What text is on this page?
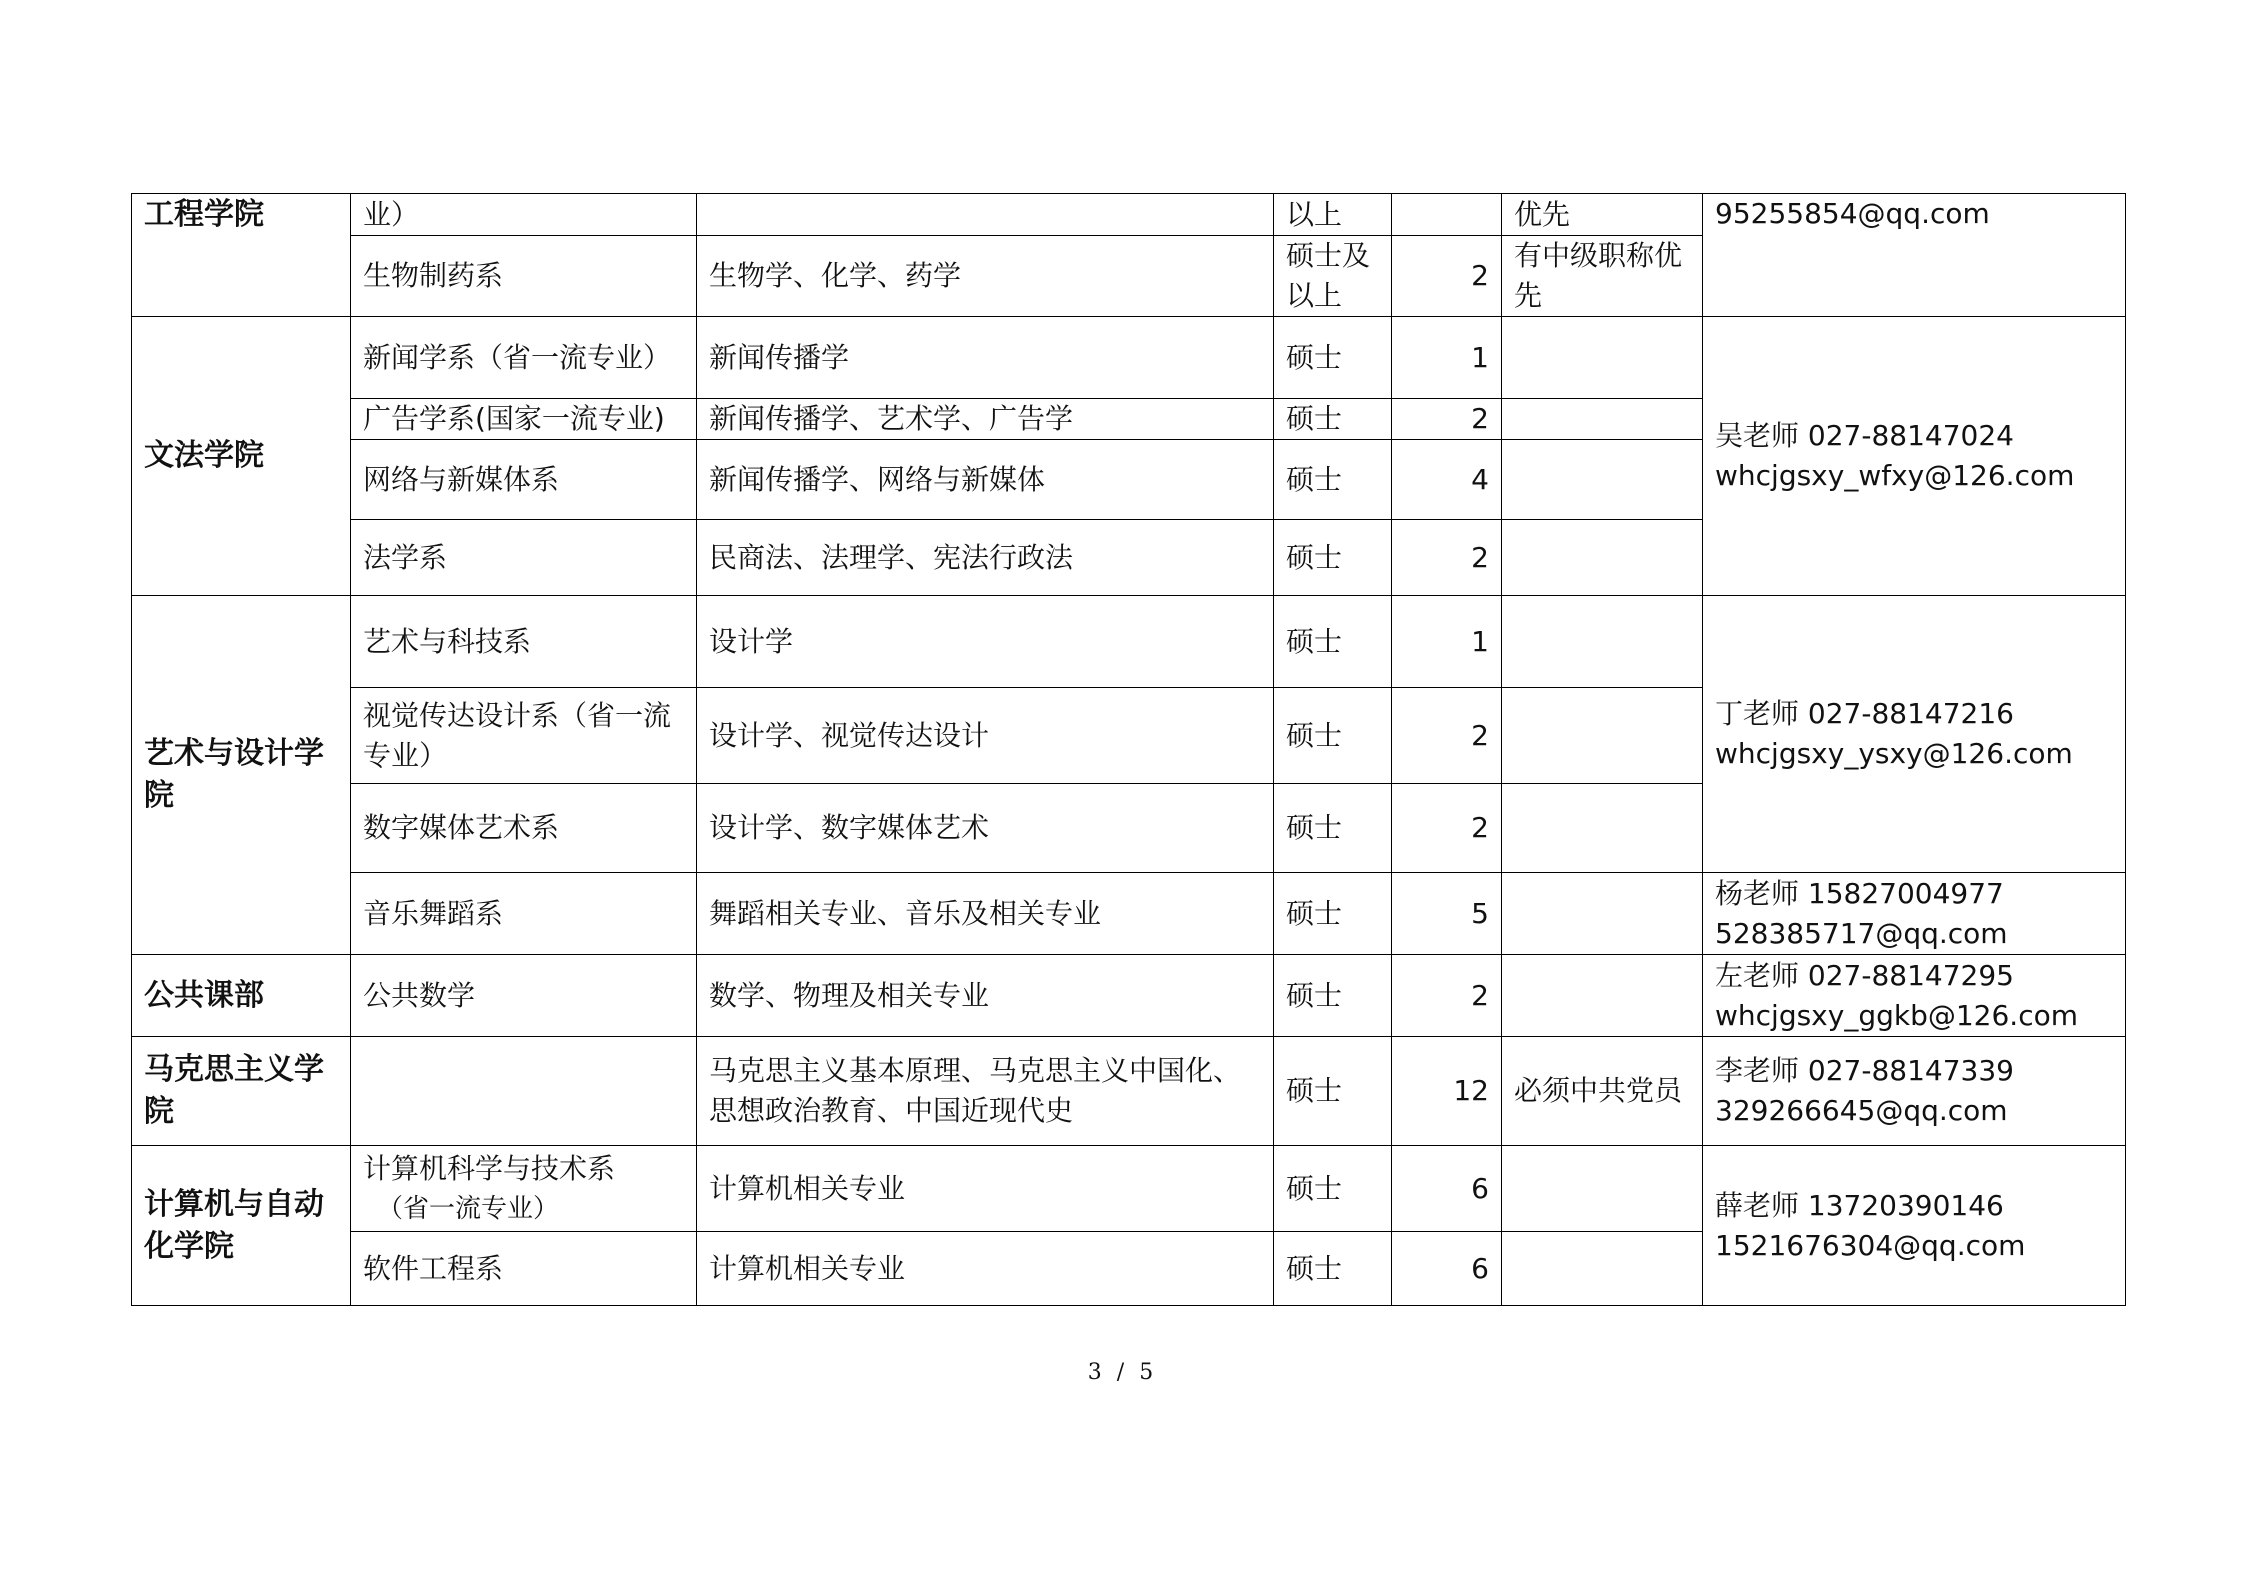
工程学院	业）		以上		优先	95255854@qq.com

	生物制药系	生物学、化学、药学	硕士及以上	2	有中级职称优先	
文法学院	新闻学系（省一流专业）	新闻传播学	硕士	1		吴老师 027-88147024
whcjgsxy_wfxy@126.com

	广告学系(国家一流专业)	新闻传播学、艺术学、广告学	硕士	2		
	网络与新媒体系	新闻传播学、网络与新媒体	硕士	4		
	法学系	民商法、法理学、宪法行政法	硕士	2		
艺术与设计学院	艺术与科技系	设计学	硕士	1		丁老师 027-88147216
whcjgsxy_ysxy@126.com

	视觉传达设计系（省一流专业）	设计学、视觉传达设计	硕士	2		
	数字媒体艺术系	设计学、数字媒体艺术	硕士	2		
	音乐舞蹈系	舞蹈相关专业、音乐及相关专业	硕士	5		杨老师 15827004977
528385717@qq.com

公共课部	公共数学	数学、物理及相关专业	硕士	2		左老师 027-88147295
whcjgsxy_ggkb@126.com

马克思主义学院		马克思主义基本原理、马克思主义中国化、思想政治教育、中国近现代史	硕士	12	必须中共党员	李老师 027-88147339
329266645@qq.com

计算机与自动化学院	计算机科学与技术系
（省一流专业）	计算机相关专业	硕士	6		薛老师 13720390146
1521676304@qq.com

	软件工程系	计算机相关专业	硕士	6		
3 / 5
